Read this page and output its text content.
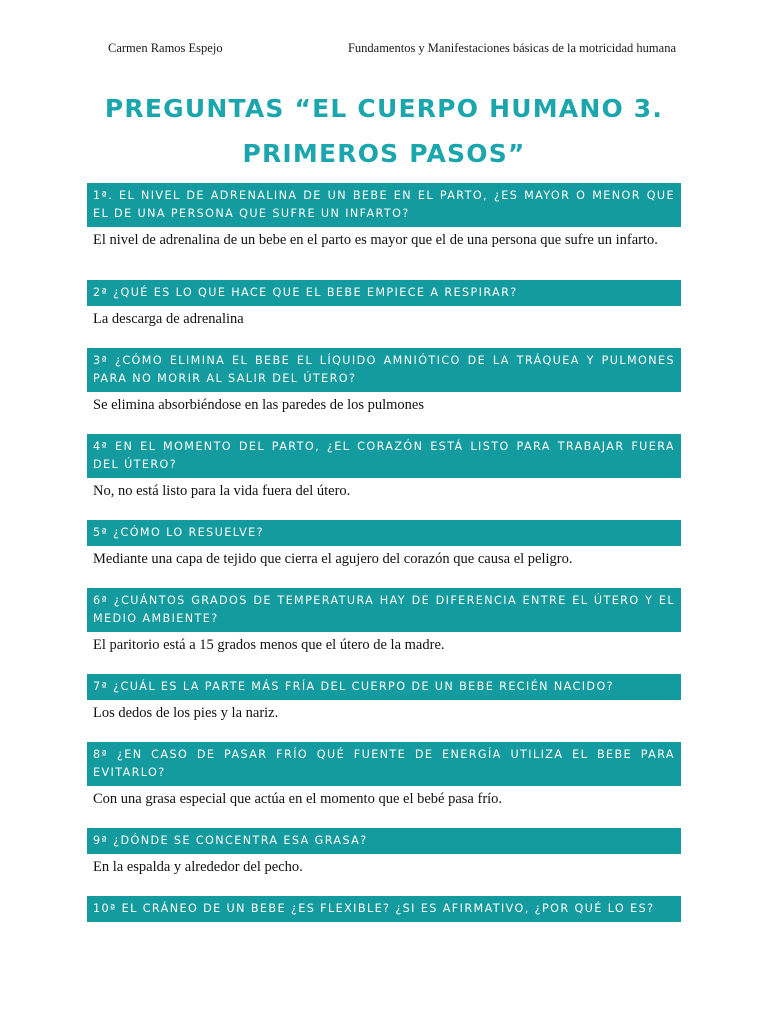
Carmen Ramos Espejo	Fundamentos y Manifestaciones básicas de la motricidad humana
PREGUNTAS “EL CUERPO HUMANO 3. PRIMEROS PASOS”
1ª. EL NIVEL DE ADRENALINA DE UN BEBE EN EL PARTO, ¿ES MAYOR O MENOR QUE EL DE UNA PERSONA QUE SUFRE UN INFARTO?
El nivel de adrenalina de un bebe en el parto es mayor que el de una persona que sufre un infarto.
2ª ¿QUÉ ES LO QUE HACE QUE EL BEBE EMPIECE A RESPIRAR?
La descarga de adrenalina
3ª ¿CÓMO ELIMINA EL BEBE EL LÍQUIDO AMNIÓTICO DE LA TRÁQUEA Y PULMONES PARA NO MORIR AL SALIR DEL ÚTERO?
Se elimina absorbiéndose en las paredes de los pulmones
4ª EN EL MOMENTO DEL PARTO, ¿EL CORAZÓN ESTÁ LISTO PARA TRABAJAR FUERA DEL ÚTERO?
No, no está listo para la vida fuera del útero.
5ª ¿CÓMO LO RESUELVE?
Mediante una capa de tejido que cierra el agujero del corazón que causa el peligro.
6ª ¿CUÁNTOS GRADOS DE TEMPERATURA HAY DE DIFERENCIA ENTRE EL ÚTERO Y EL MEDIO AMBIENTE?
El paritorio está a 15 grados menos que el útero de la madre.
7ª ¿CUÁL ES LA PARTE MÁS FRÍA DEL CUERPO DE UN BEBE RECIÉN NACIDO?
Los dedos de los pies y la nariz.
8ª ¿EN CASO DE PASAR FRÍO QUÉ FUENTE DE ENERGÍA UTILIZA EL BEBE PARA EVITARLO?
Con una grasa especial que actúa en el momento que el bebé pasa frío.
9ª ¿DÓNDE SE CONCENTRA ESA GRASA?
En la espalda y alrededor del pecho.
10ª EL CRÁNEO DE UN BEBE ¿ES FLEXIBLE? ¿SI ES AFIRMATIVO, ¿POR QUÉ LO ES?
